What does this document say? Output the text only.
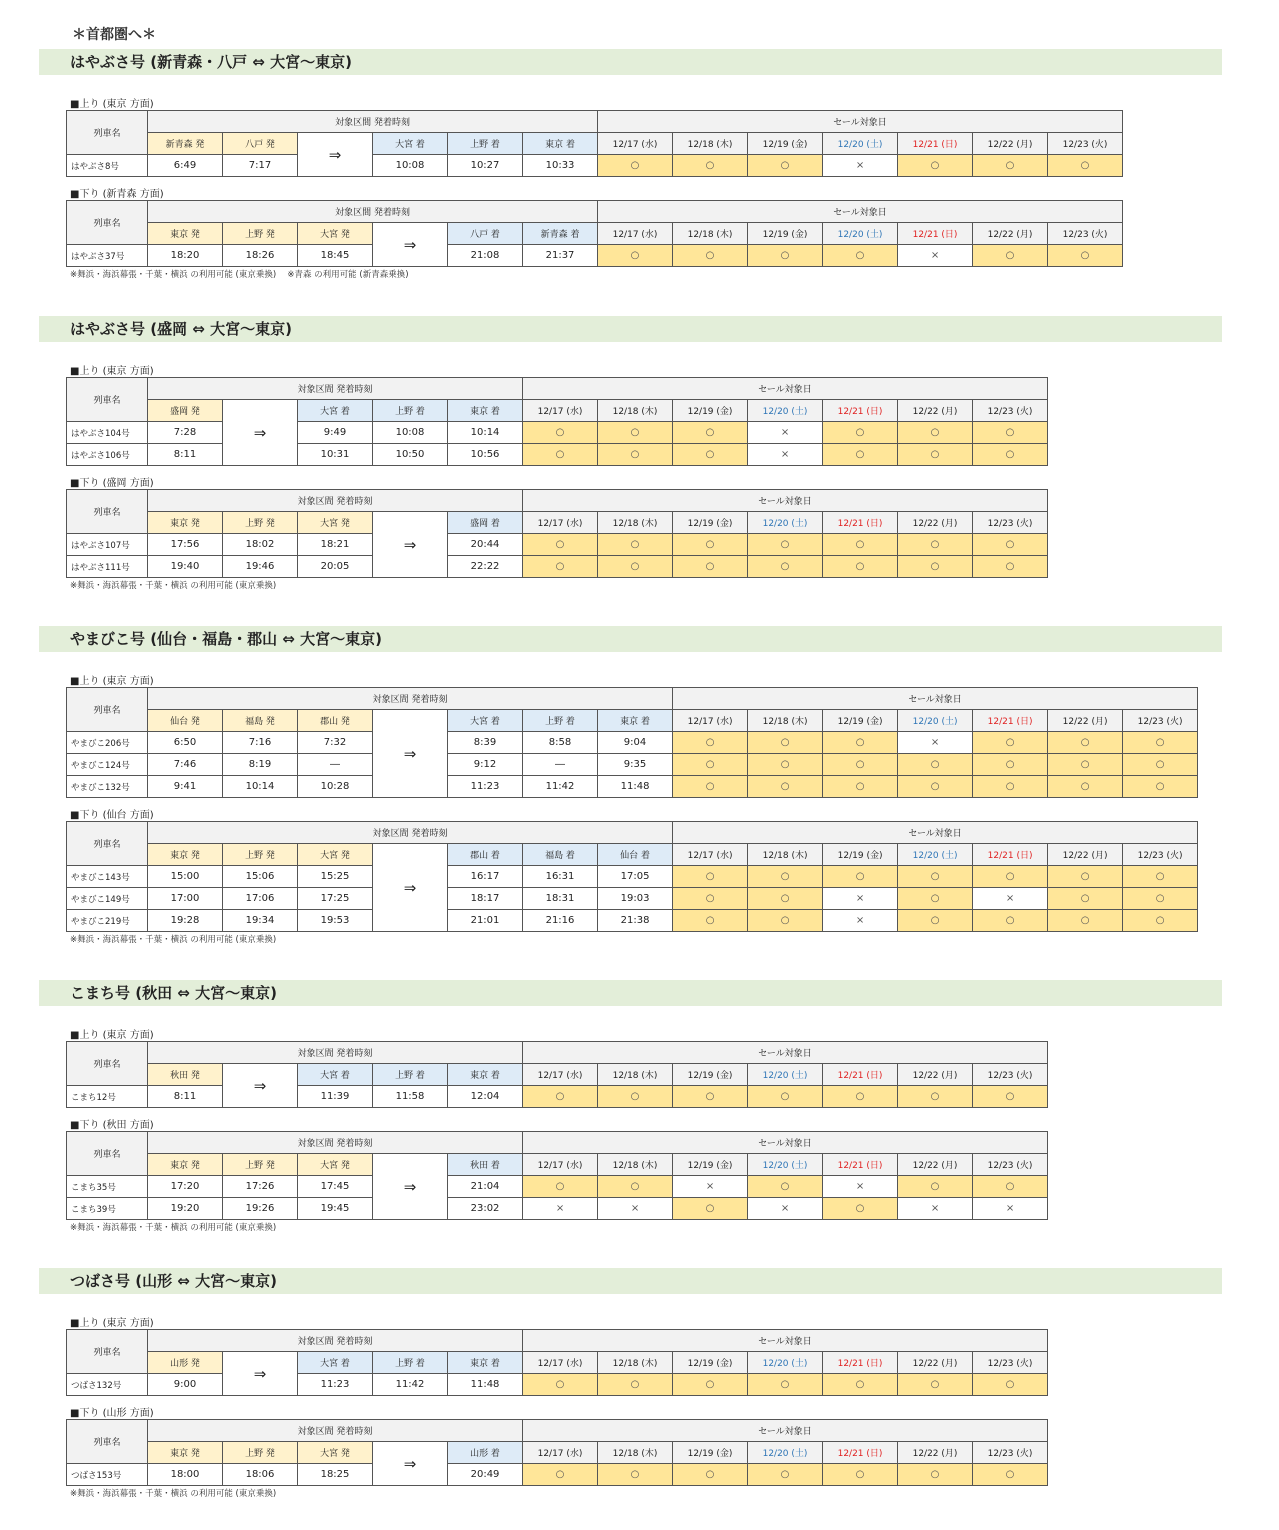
＊首都圏へ＊
はやぶさ号 (新青森・八戸 ⇔ 大宮〜東京)
■上り (東京 方面)
列車名	対象区間 発着時刻						セール対象日						
	新青森 発	八戸 発	⇒	大宮 着	上野 着	東京 着	12/17 (水)	12/18 (木)	12/19 (金)	12/20 (土)	12/21 (日)	12/22 (月)	12/23 (火)
はやぶさ8号	6:49	7:17		10:08	10:27	10:33	○	○	○	×	○	○	○
■下り (新青森 方面)
列車名	対象区間 発着時刻						セール対象日						
	東京 発	上野 発	大宮 発	⇒	八戸 着	新青森 着	12/17 (水)	12/18 (木)	12/19 (金)	12/20 (土)	12/21 (日)	12/22 (月)	12/23 (火)
はやぶさ37号	18:20	18:26	18:45		21:08	21:37	○	○	○	○	×	○	○
※舞浜・海浜幕張・千葉・横浜 の利用可能 (東京乗換)　 ※青森 の利用可能 (新青森乗換)
はやぶさ号 (盛岡 ⇔ 大宮〜東京)
■上り (東京 方面)
列車名	対象区間 発着時刻					セール対象日						
	盛岡 発	⇒	大宮 着	上野 着	東京 着	12/17 (水)	12/18 (木)	12/19 (金)	12/20 (土)	12/21 (日)	12/22 (月)	12/23 (火)
はやぶさ104号	7:28		9:49	10:08	10:14	○	○	○	×	○	○	○
はやぶさ106号	8:11		10:31	10:50	10:56	○	○	○	×	○	○	○
■下り (盛岡 方面)
列車名	対象区間 発着時刻					セール対象日						
	東京 発	上野 発	大宮 発	⇒	盛岡 着	12/17 (水)	12/18 (木)	12/19 (金)	12/20 (土)	12/21 (日)	12/22 (月)	12/23 (火)
はやぶさ107号	17:56	18:02	18:21		20:44	○	○	○	○	○	○	○
はやぶさ111号	19:40	19:46	20:05		22:22	○	○	○	○	○	○	○
※舞浜・海浜幕張・千葉・横浜 の利用可能 (東京乗換)
やまびこ号 (仙台・福島・郡山 ⇔ 大宮〜東京)
■上り (東京 方面)
列車名	対象区間 発着時刻							セール対象日						
	仙台 発	福島 発	郡山 発	⇒	大宮 着	上野 着	東京 着	12/17 (水)	12/18 (木)	12/19 (金)	12/20 (土)	12/21 (日)	12/22 (月)	12/23 (火)
やまびこ206号	6:50	7:16	7:32		8:39	8:58	9:04	○	○	○	×	○	○	○
やまびこ124号	7:46	8:19	―		9:12	―	9:35	○	○	○	○	○	○	○
やまびこ132号	9:41	10:14	10:28		11:23	11:42	11:48	○	○	○	○	○	○	○
■下り (仙台 方面)
列車名	対象区間 発着時刻							セール対象日						
	東京 発	上野 発	大宮 発	⇒	郡山 着	福島 着	仙台 着	12/17 (水)	12/18 (木)	12/19 (金)	12/20 (土)	12/21 (日)	12/22 (月)	12/23 (火)
やまびこ143号	15:00	15:06	15:25		16:17	16:31	17:05	○	○	○	○	○	○	○
やまびこ149号	17:00	17:06	17:25		18:17	18:31	19:03	○	○	×	○	×	○	○
やまびこ219号	19:28	19:34	19:53		21:01	21:16	21:38	○	○	×	○	○	○	○
※舞浜・海浜幕張・千葉・横浜 の利用可能 (東京乗換)
こまち号 (秋田 ⇔ 大宮〜東京)
■上り (東京 方面)
列車名	対象区間 発着時刻					セール対象日						
	秋田 発	⇒	大宮 着	上野 着	東京 着	12/17 (水)	12/18 (木)	12/19 (金)	12/20 (土)	12/21 (日)	12/22 (月)	12/23 (火)
こまち12号	8:11		11:39	11:58	12:04	○	○	○	○	○	○	○
■下り (秋田 方面)
列車名	対象区間 発着時刻					セール対象日						
	東京 発	上野 発	大宮 発	⇒	秋田 着	12/17 (水)	12/18 (木)	12/19 (金)	12/20 (土)	12/21 (日)	12/22 (月)	12/23 (火)
こまち35号	17:20	17:26	17:45		21:04	○	○	×	○	×	○	○
こまち39号	19:20	19:26	19:45		23:02	×	×	○	×	○	×	×
※舞浜・海浜幕張・千葉・横浜 の利用可能 (東京乗換)
つばさ号 (山形 ⇔ 大宮〜東京)
■上り (東京 方面)
列車名	対象区間 発着時刻					セール対象日						
	山形 発	⇒	大宮 着	上野 着	東京 着	12/17 (水)	12/18 (木)	12/19 (金)	12/20 (土)	12/21 (日)	12/22 (月)	12/23 (火)
つばさ132号	9:00		11:23	11:42	11:48	○	○	○	○	○	○	○
■下り (山形 方面)
列車名	対象区間 発着時刻					セール対象日						
	東京 発	上野 発	大宮 発	⇒	山形 着	12/17 (水)	12/18 (木)	12/19 (金)	12/20 (土)	12/21 (日)	12/22 (月)	12/23 (火)
つばさ153号	18:00	18:06	18:25		20:49	○	○	○	○	○	○	○
※舞浜・海浜幕張・千葉・横浜 の利用可能 (東京乗換)
